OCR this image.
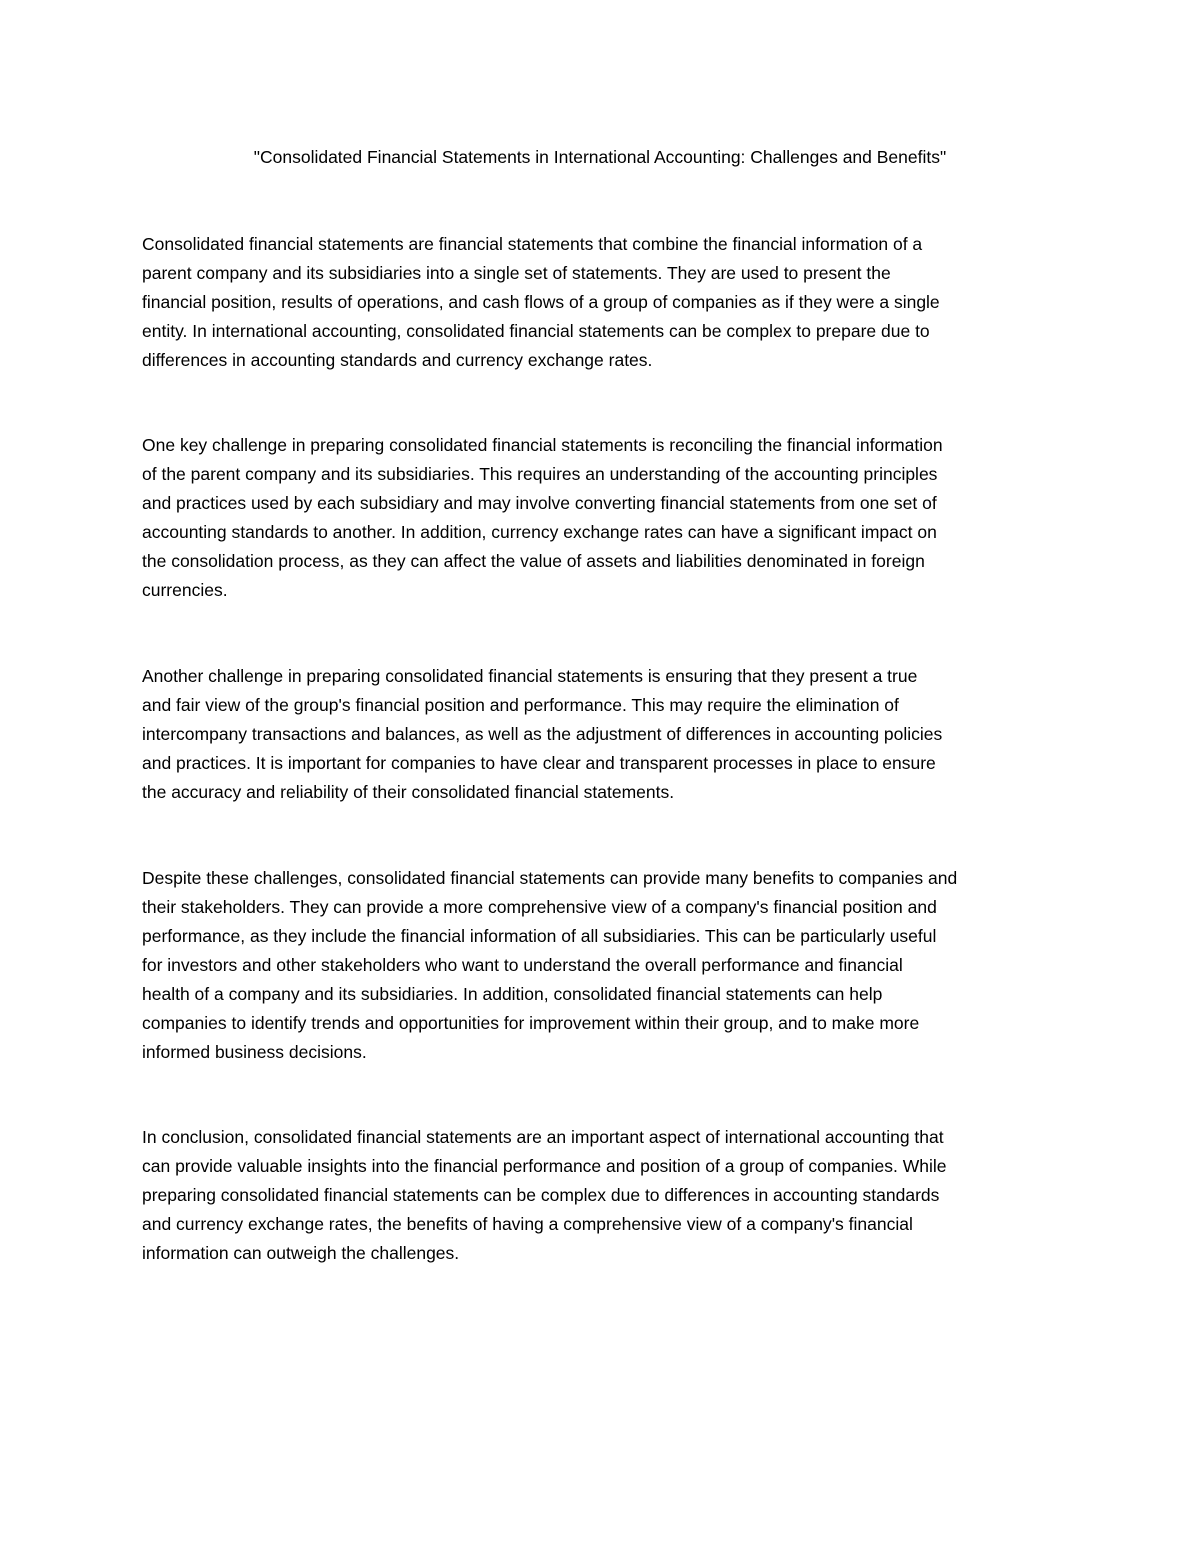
"Consolidated Financial Statements in International Accounting: Challenges and Benefits"
Consolidated financial statements are financial statements that combine the financial information of a
parent company and its subsidiaries into a single set of statements. They are used to present the
financial position, results of operations, and cash flows of a group of companies as if they were a single
entity. In international accounting, consolidated financial statements can be complex to prepare due to
differences in accounting standards and currency exchange rates.
One key challenge in preparing consolidated financial statements is reconciling the financial information
of the parent company and its subsidiaries. This requires an understanding of the accounting principles
and practices used by each subsidiary and may involve converting financial statements from one set of
accounting standards to another. In addition, currency exchange rates can have a significant impact on
the consolidation process, as they can affect the value of assets and liabilities denominated in foreign
currencies.
Another challenge in preparing consolidated financial statements is ensuring that they present a true
and fair view of the group's financial position and performance. This may require the elimination of
intercompany transactions and balances, as well as the adjustment of differences in accounting policies
and practices. It is important for companies to have clear and transparent processes in place to ensure
the accuracy and reliability of their consolidated financial statements.
Despite these challenges, consolidated financial statements can provide many benefits to companies and
their stakeholders. They can provide a more comprehensive view of a company's financial position and
performance, as they include the financial information of all subsidiaries. This can be particularly useful
for investors and other stakeholders who want to understand the overall performance and financial
health of a company and its subsidiaries. In addition, consolidated financial statements can help
companies to identify trends and opportunities for improvement within their group, and to make more
informed business decisions.
In conclusion, consolidated financial statements are an important aspect of international accounting that
can provide valuable insights into the financial performance and position of a group of companies. While
preparing consolidated financial statements can be complex due to differences in accounting standards
and currency exchange rates, the benefits of having a comprehensive view of a company's financial
information can outweigh the challenges.
